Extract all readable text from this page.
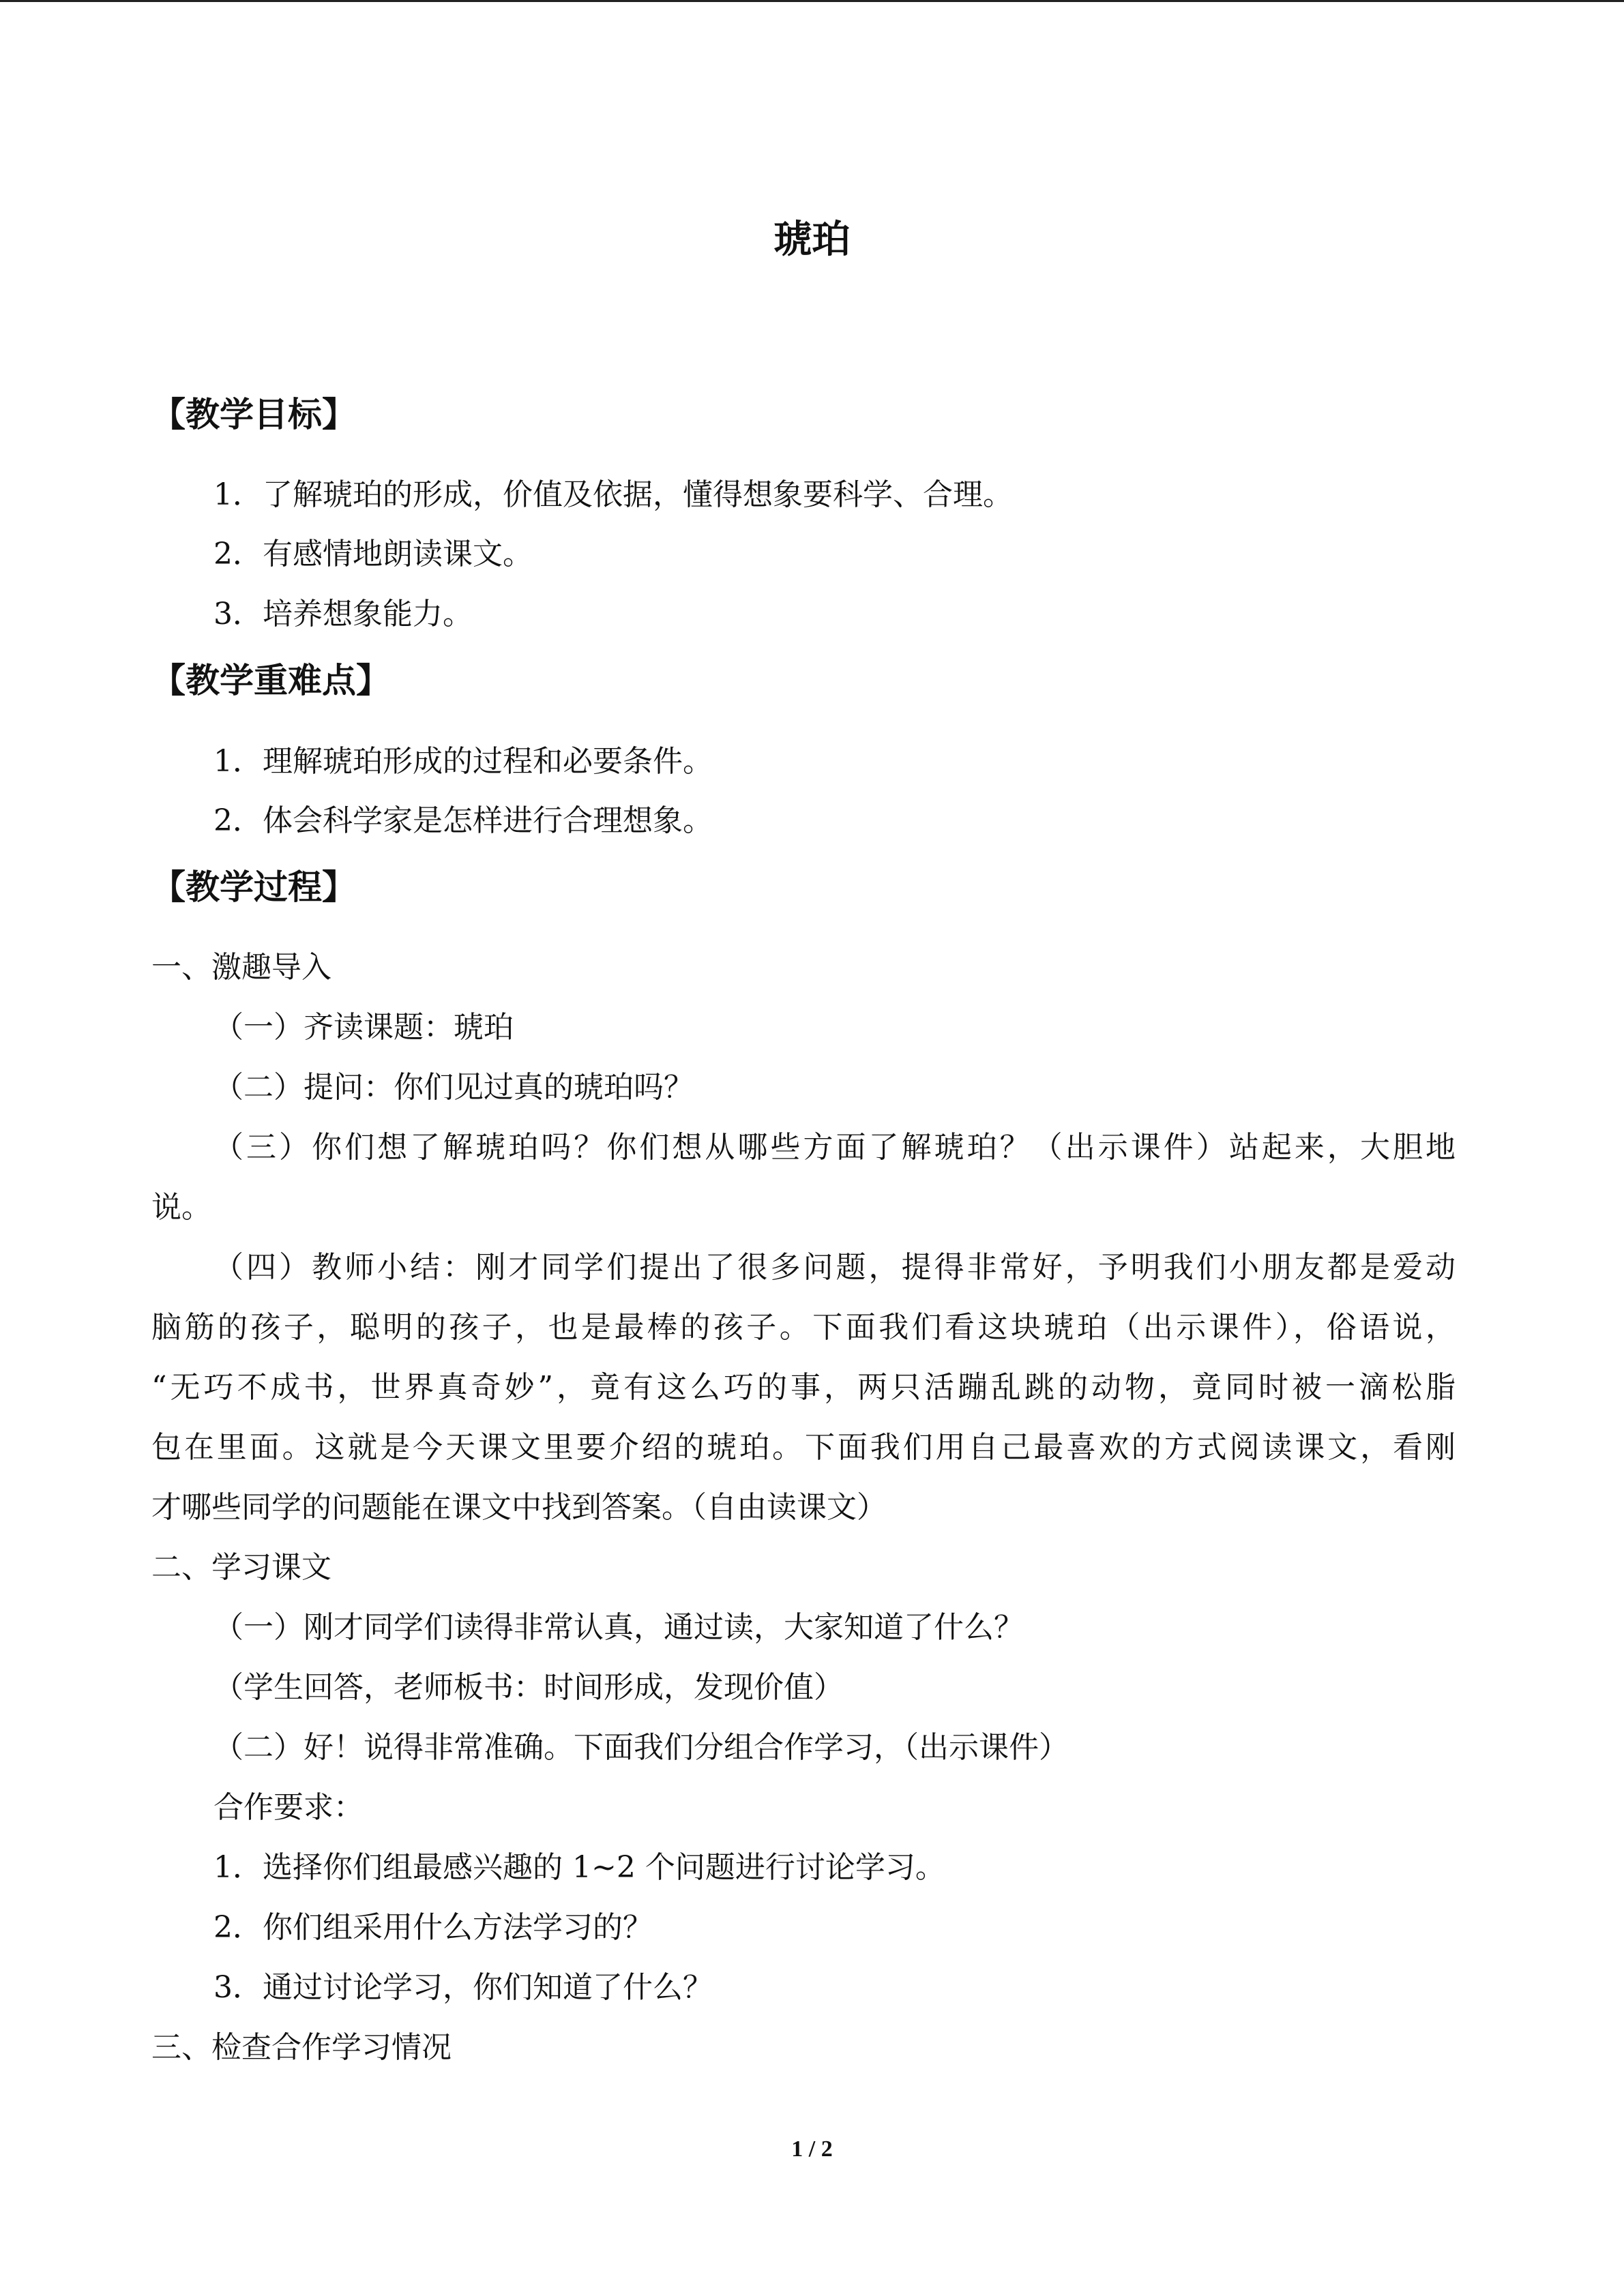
琥珀
【教学目标】
1．了解琥珀的形成，价值及依据，懂得想象要科学、合理。
2．有感情地朗读课文。
3．培养想象能力。
【教学重难点】
1．理解琥珀形成的过程和必要条件。
2．体会科学家是怎样进行合理想象。
【教学过程】
一、激趣导入
（一）齐读课题：琥珀
（二）提问：你们见过真的琥珀吗？
（三）你们想了解琥珀吗？你们想从哪些方面了解琥珀？（出示课件）站起来，大胆地
说。
（四）教师小结：刚才同学们提出了很多问题，提得非常好，予明我们小朋友都是爱动
脑筋的孩子，聪明的孩子，也是最棒的孩子。下面我们看这块琥珀（出示课件），俗语说，
“无巧不成书，世界真奇妙”，竟有这么巧的事，两只活蹦乱跳的动物，竟同时被一滴松脂
包在里面。这就是今天课文里要介绍的琥珀。下面我们用自己最喜欢的方式阅读课文，看刚
才哪些同学的问题能在课文中找到答案。（自由读课文）
二、学习课文
（一）刚才同学们读得非常认真，通过读，大家知道了什么？
（学生回答，老师板书：时间形成，发现价值）
（二）好！说得非常准确。下面我们分组合作学习，（出示课件）
合作要求：
1．选择你们组最感兴趣的 1~2 个问题进行讨论学习。
2．你们组采用什么方法学习的？
3．通过讨论学习，你们知道了什么？
三、检查合作学习情况
1 / 2
